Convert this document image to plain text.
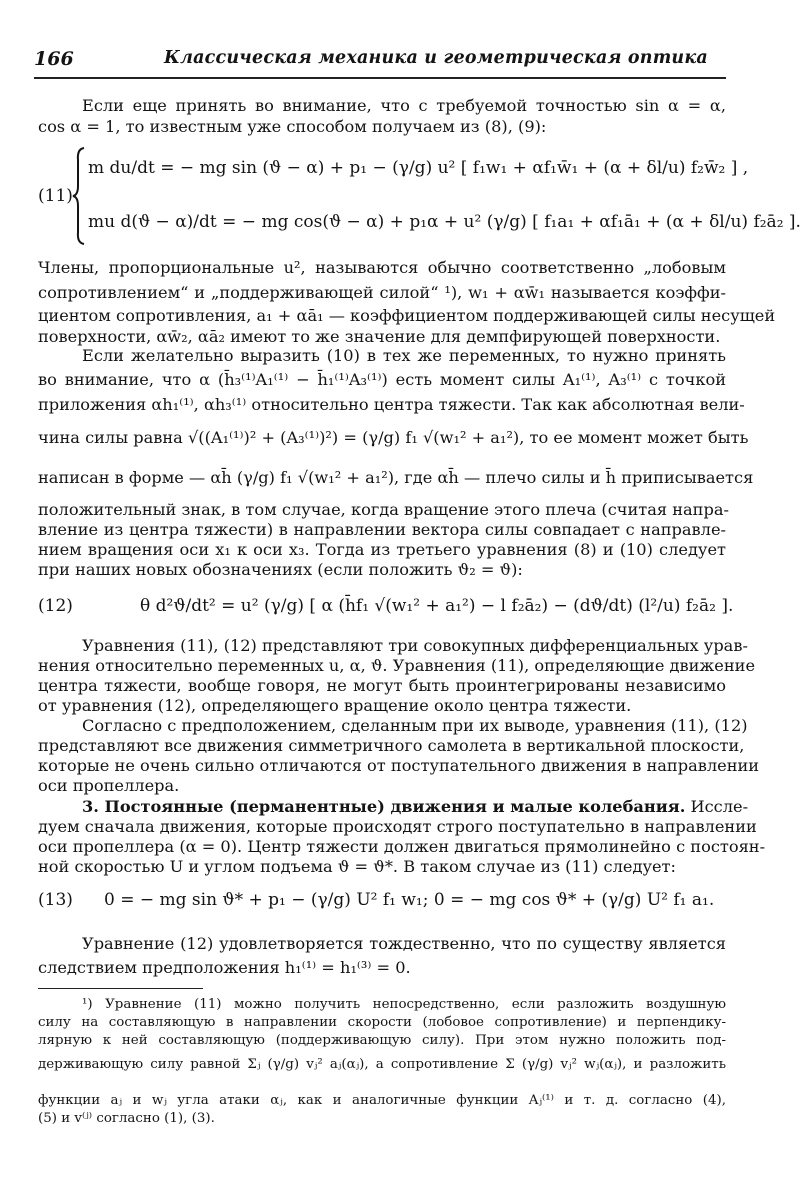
166	Классическая механика и геометрическая оптика
Если еще принять во внимание, что с требуемой точностью sin α = α,
cos α = 1, то известным уже способом получаем из (8), (9):
(11)
m du/dt = − mg sin (ϑ − α) + p₁ − (γ/g) u² [ f₁w₁ + αf₁w̄₁ + (α + δl/u) f₂w̄₂ ] ,
mu d(ϑ − α)/dt = − mg cos(ϑ − α) + p₁α + u² (γ/g) [ f₁a₁ + αf₁ā₁ + (α + δl/u) f₂ā₂ ].
Члены, пропорциональные u², называются обычно соответственно „лобовым
сопротивлением“ и „поддерживающей силой“ ¹), w₁ + αw̄₁ называется коэффи-
циентом сопротивления, a₁ + αā₁ — коэффициентом поддерживающей силы несущей
поверхности, αw̄₂, αā₂ имеют то же значение для демпфирующей поверхности.
Если желательно выразить (10) в тех же переменных, то нужно принять
во внимание, что α (h̄₃⁽¹⁾A₁⁽¹⁾ − h̄₁⁽¹⁾A₃⁽¹⁾) есть момент силы A₁⁽¹⁾, A₃⁽¹⁾ с точкой
приложения αh₁⁽¹⁾, αh₃⁽¹⁾ относительно центра тяжести. Так как абсолютная вели-
чина силы равна √((A₁⁽¹⁾)² + (A₃⁽¹⁾)²) = (γ/g) f₁ √(w₁² + a₁²), то ее момент может быть
написан в форме — αh̄ (γ/g) f₁ √(w₁² + a₁²), где αh̄ — плечо силы и h̄ приписывается
положительный знак, в том случае, когда вращение этого плеча (считая напра-
вление из центра тяжести) в направлении вектора силы совпадает с направле-
нием вращения оси x₁ к оси x₃. Тогда из третьего уравнения (8) и (10) следует
при наших новых обозначениях (если положить ϑ₂ = ϑ):
(12)	θ d²ϑ/dt² = u² (γ/g) [ α (h̄f₁ √(w₁² + a₁²) − l f₂ā₂) − (dϑ/dt) (l²/u) f₂ā₂ ].
Уравнения (11), (12) представляют три совокупных дифференциальных урав-
нения относительно переменных u, α, ϑ. Уравнения (11), определяющие движение
центра тяжести, вообще говоря, не могут быть проинтегрированы независимо
от уравнения (12), определяющего вращение около центра тяжести.
Согласно с предположением, сделанным при их выводе, уравнения (11), (12)
представляют все движения симметричного самолета в вертикальной плоскости,
которые не очень сильно отличаются от поступательного движения в направлении
оси пропеллера.
3. Постоянные (перманентные) движения и малые колебания. Иссле-
дуем сначала движения, которые происходят строго поступательно в направлении
оси пропеллера (α = 0). Центр тяжести должен двигаться прямолинейно с постоян-
ной скоростью U и углом подъема ϑ = ϑ*. В таком случае из (11) следует:
(13) 0 = − mg sin ϑ* + p₁ − (γ/g) U² f₁ w₁; 0 = − mg cos ϑ* + (γ/g) U² f₁ a₁.
Уравнение (12) удовлетворяется тождественно, что по существу является
следствием предположения h₁⁽¹⁾ = h₁⁽³⁾ = 0.
¹) Уравнение (11) можно получить непосредственно, если разложить воздушную
силу на составляющую в направлении скорости (лобовое сопротивление) и перпендику-
лярную к ней составляющую (поддерживающую силу). При этом нужно положить под-
держивающую силу равной Σⱼ (γ/g) vⱼ² aⱼ(αⱼ), а сопротивление Σ (γ/g) vⱼ² wⱼ(αⱼ), и разложить
функции aⱼ и wⱼ угла атаки αⱼ, как и аналогичные функции Aⱼ⁽¹⁾ и т. д. согласно (4),
(5) и v⁽ʲ⁾ согласно (1), (3).
